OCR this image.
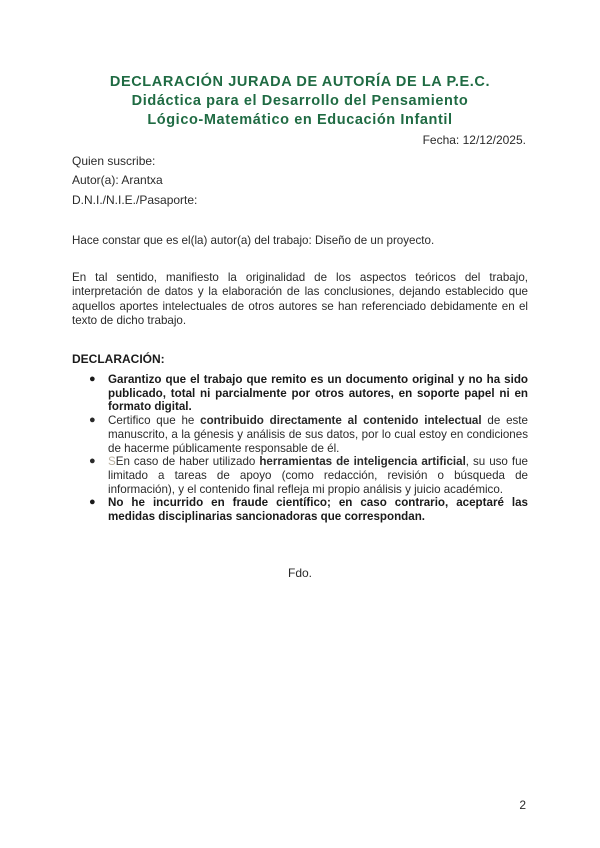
DECLARACIÓN JURADA DE AUTORÍA DE LA P.E.C.
Didáctica para el Desarrollo del Pensamiento
Lógico-Matemático en Educación Infantil
Fecha: 12/12/2025.
Quien suscribe:
Autor(a): Arantxa
D.N.I./N.I.E./Pasaporte:
Hace constar que es el(la) autor(a) del trabajo: Diseño de un proyecto.
En tal sentido, manifiesto la originalidad de los aspectos teóricos del trabajo, interpretación de datos y la elaboración de las conclusiones, dejando establecido que aquellos aportes intelectuales de otros autores se han referenciado debidamente en el texto de dicho trabajo.
DECLARACIÓN:
● Garantizo que el trabajo que remito es un documento original y no ha sido publicado, total ni parcialmente por otros autores, en soporte papel ni en formato digital.
● Certifico que he contribuido directamente al contenido intelectual de este manuscrito, a la génesis y análisis de sus datos, por lo cual estoy en condiciones de hacerme públicamente responsable de él.
● SEn caso de haber utilizado herramientas de inteligencia artificial, su uso fue limitado a tareas de apoyo (como redacción, revisión o búsqueda de información), y el contenido final refleja mi propio análisis y juicio académico.
● No he incurrido en fraude científico; en caso contrario, aceptaré las medidas disciplinarias sancionadoras que correspondan.
Fdo.
2
